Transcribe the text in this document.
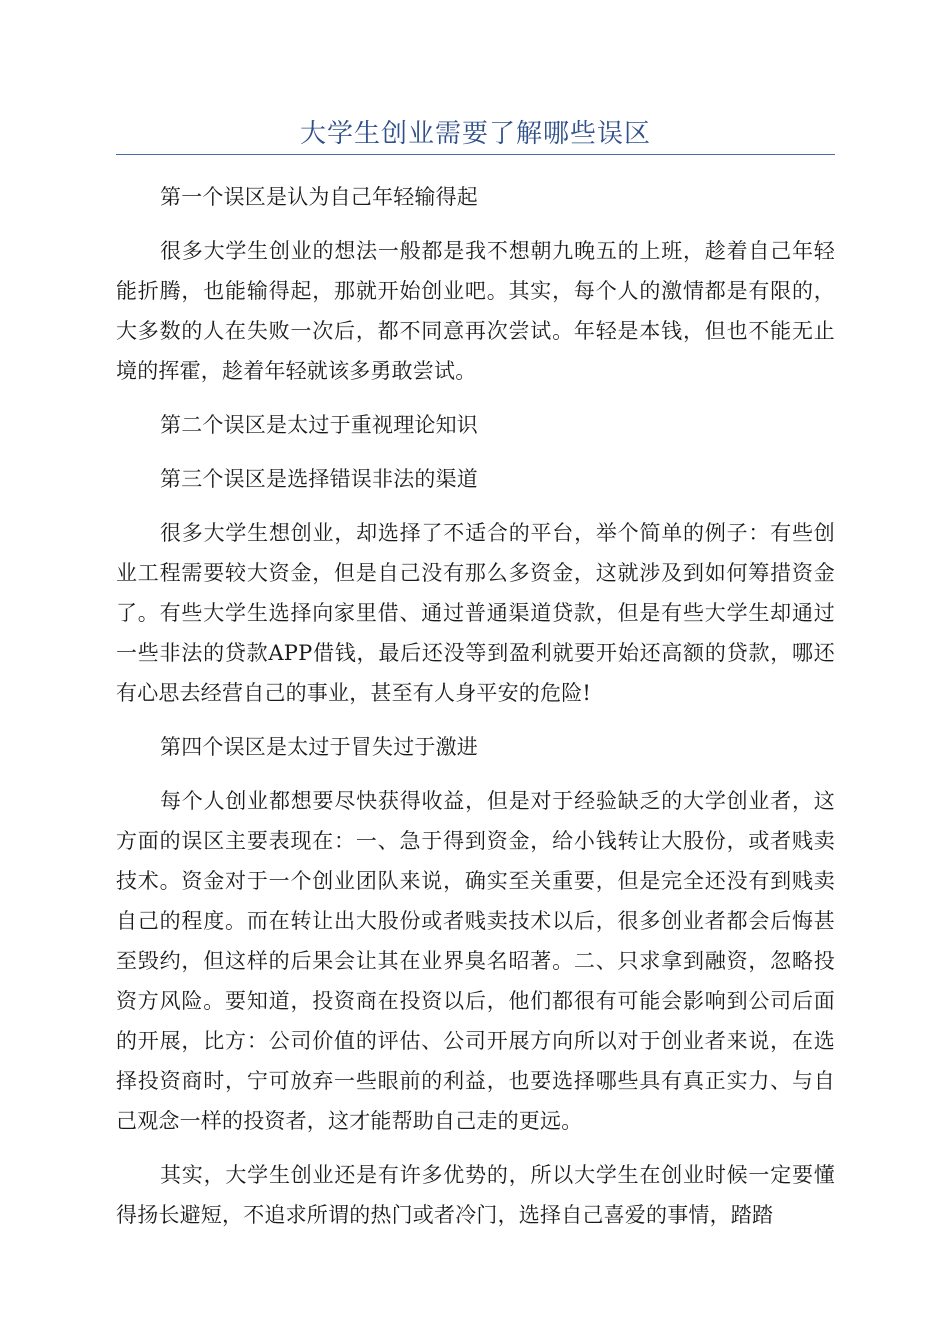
大学生创业需要了解哪些误区

第一个误区是认为自己年轻输得起

很多大学生创业的想法一般都是我不想朝九晚五的上班，趁着自己年轻能折腾，也能输得起，那就开始创业吧。其实，每个人的激情都是有限的，大多数的人在失败一次后，都不同意再次尝试。年轻是本钱，但也不能无止境的挥霍，趁着年轻就该多勇敢尝试。

第二个误区是太过于重视理论知识

第三个误区是选择错误非法的渠道

很多大学生想创业，却选择了不适合的平台，举个简单的例子：有些创业工程需要较大资金，但是自己没有那么多资金，这就涉及到如何筹措资金了。有些大学生选择向家里借、通过普通渠道贷款，但是有些大学生却通过一些非法的贷款APP借钱，最后还没等到盈利就要开始还高额的贷款，哪还有心思去经营自己的事业，甚至有人身平安的危险!

第四个误区是太过于冒失过于激进

每个人创业都想要尽快获得收益，但是对于经验缺乏的大学创业者，这方面的误区主要表现在：一、急于得到资金，给小钱转让大股份，或者贱卖技术。资金对于一个创业团队来说，确实至关重要，但是完全还没有到贱卖自己的程度。而在转让出大股份或者贱卖技术以后，很多创业者都会后悔甚至毁约，但这样的后果会让其在业界臭名昭著。二、只求拿到融资，忽略投资方风险。要知道，投资商在投资以后，他们都很有可能会影响到公司后面的开展，比方：公司价值的评估、公司开展方向所以对于创业者来说，在选择投资商时，宁可放弃一些眼前的利益，也要选择哪些具有真正实力、与自己观念一样的投资者，这才能帮助自己走的更远。

其实，大学生创业还是有许多优势的，所以大学生在创业时候一定要懂得扬长避短，不追求所谓的热门或者冷门，选择自己喜爱的事情，踏踏
